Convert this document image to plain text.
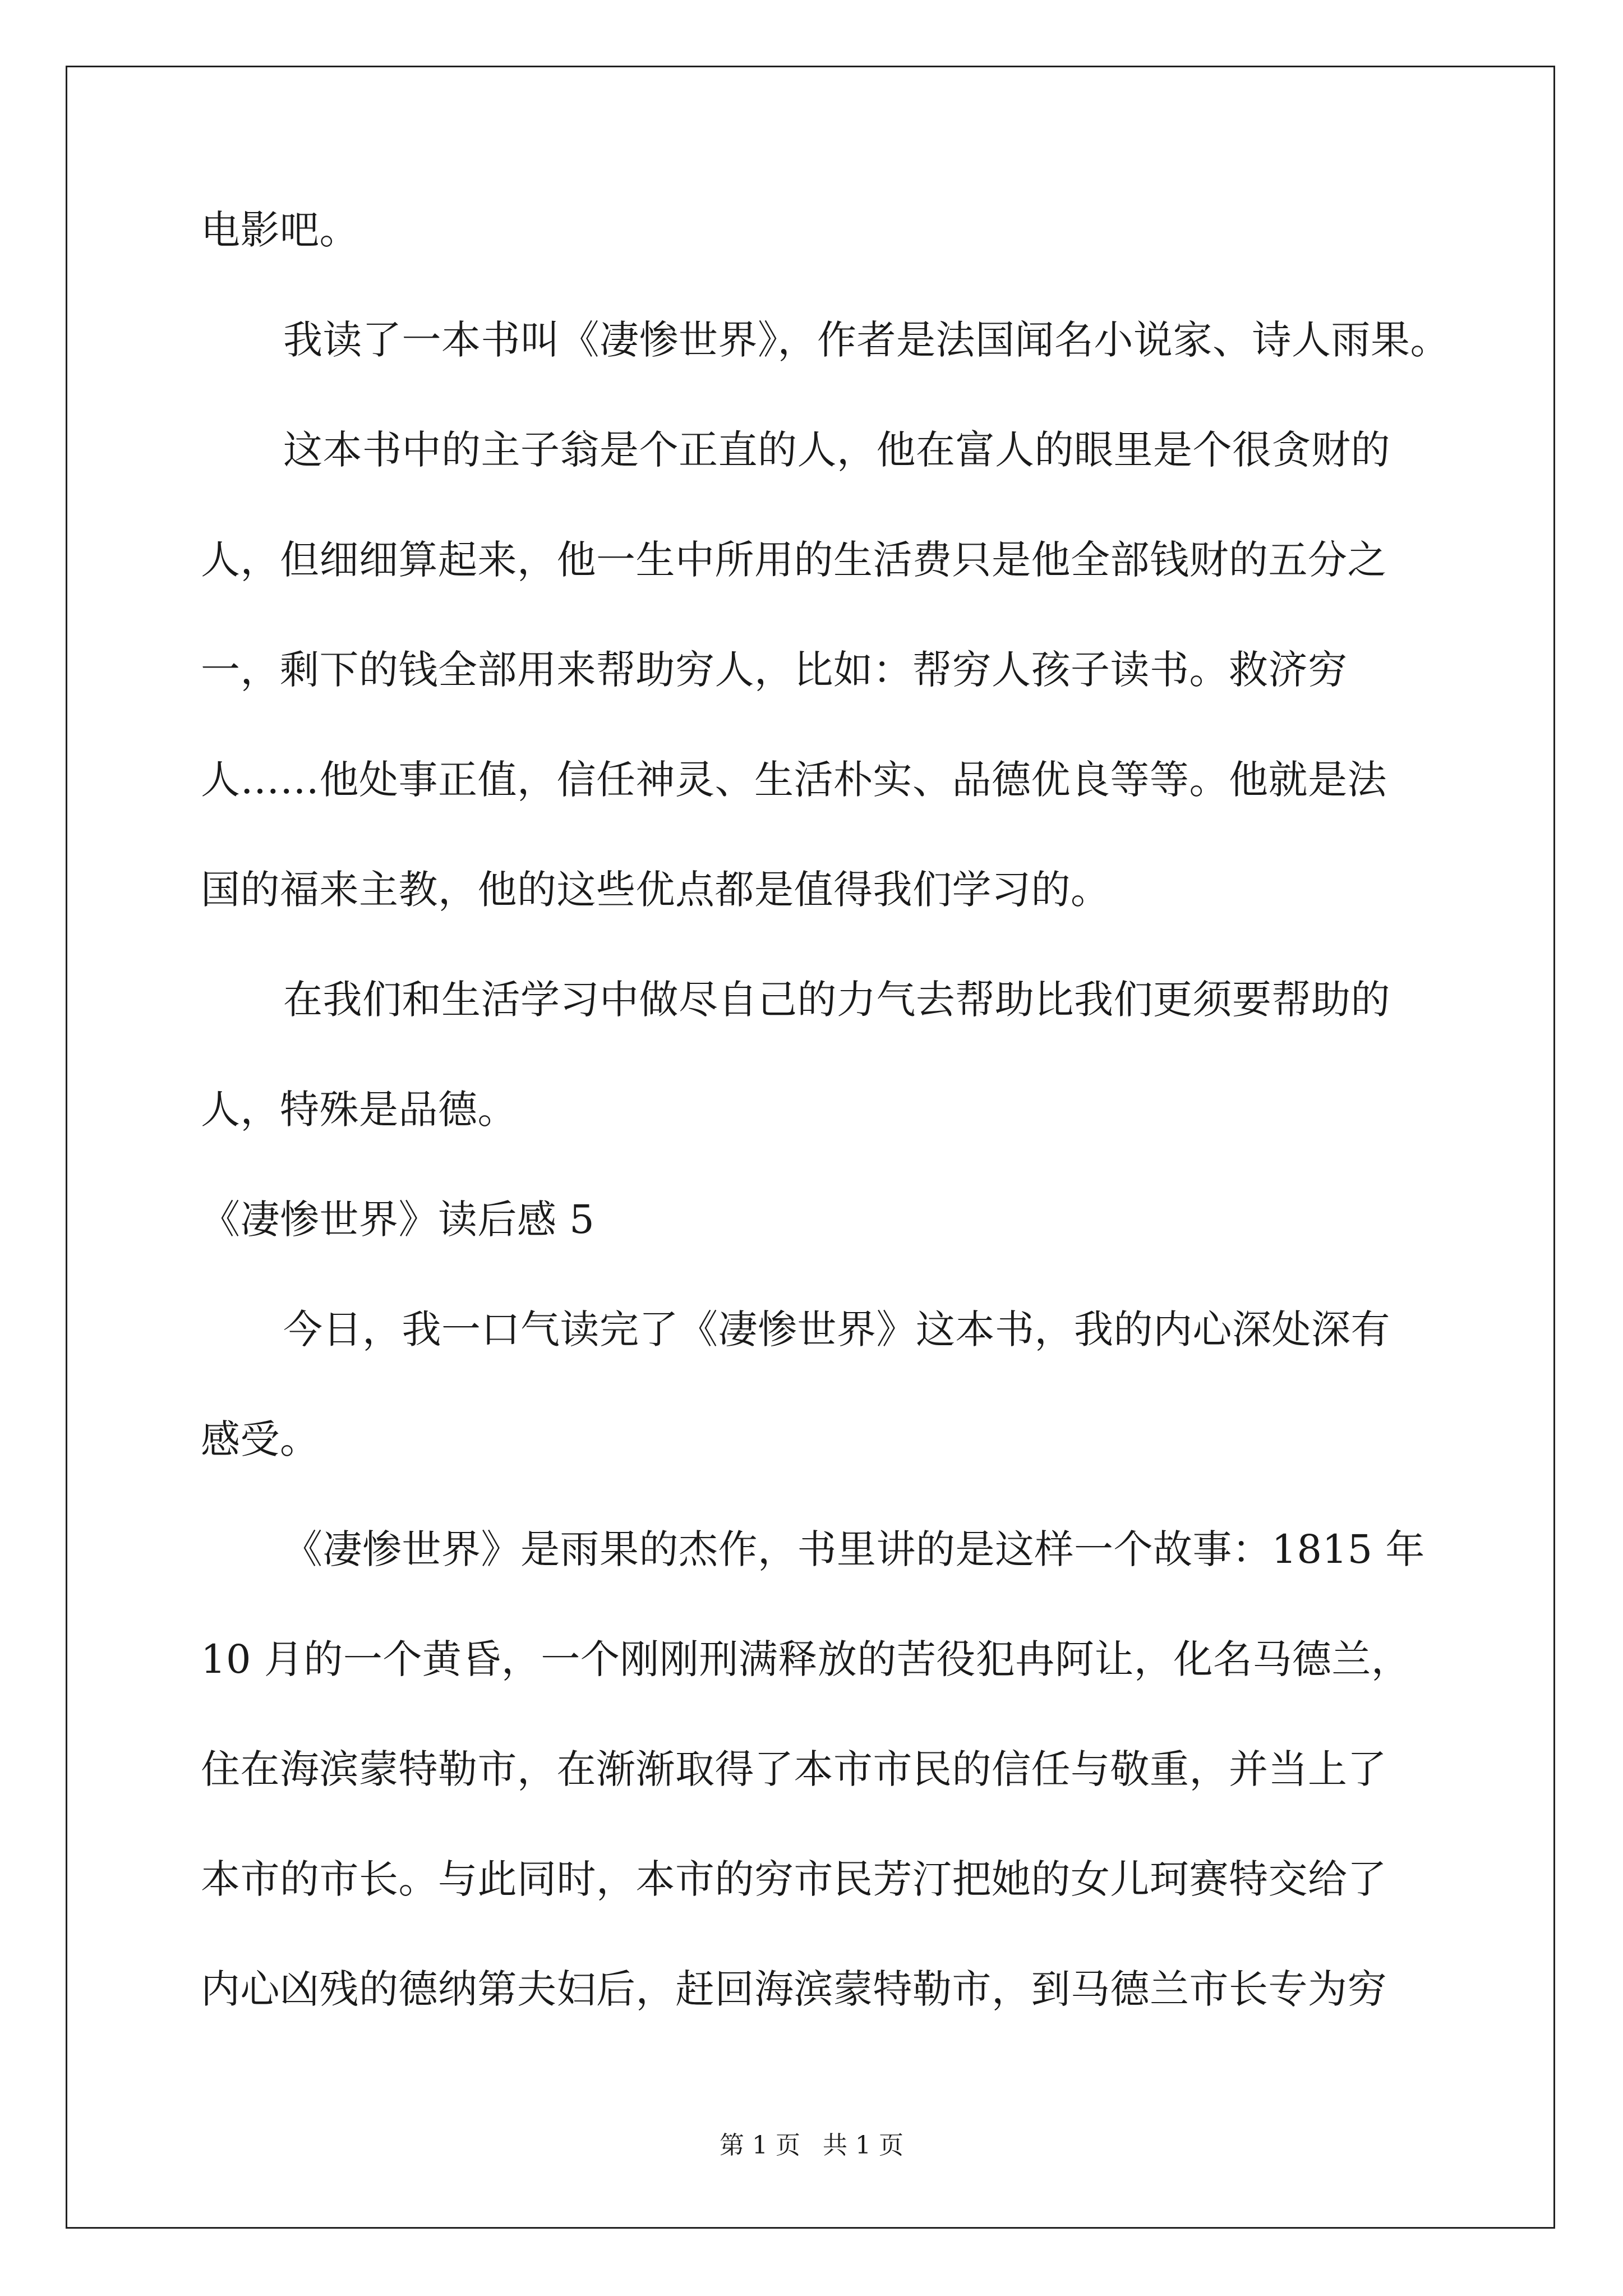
电影吧。
我读了一本书叫《凄惨世界》，作者是法国闻名小说家、诗人雨果。
这本书中的主子翁是个正直的人，他在富人的眼里是个很贪财的
人，但细细算起来，他一生中所用的生活费只是他全部钱财的五分之
一，剩下的钱全部用来帮助穷人，比如：帮穷人孩子读书。救济穷
人……他处事正值，信任神灵、生活朴实、品德优良等等。他就是法
国的福来主教，他的这些优点都是值得我们学习的。
在我们和生活学习中做尽自己的力气去帮助比我们更须要帮助的
人，特殊是品德。
《凄惨世界》读后感 5
今日，我一口气读完了《凄惨世界》这本书，我的内心深处深有
感受。
《凄惨世界》是雨果的杰作，书里讲的是这样一个故事：1815 年
10 月的一个黄昏，一个刚刚刑满释放的苦役犯冉阿让，化名马德兰，
住在海滨蒙特勒市，在渐渐取得了本市市民的信任与敬重，并当上了
本市的市长。与此同时，本市的穷市民芳汀把她的女儿珂赛特交给了
内心凶残的德纳第夫妇后，赶回海滨蒙特勒市，到马德兰市长专为穷
第 1 页 共 1 页
